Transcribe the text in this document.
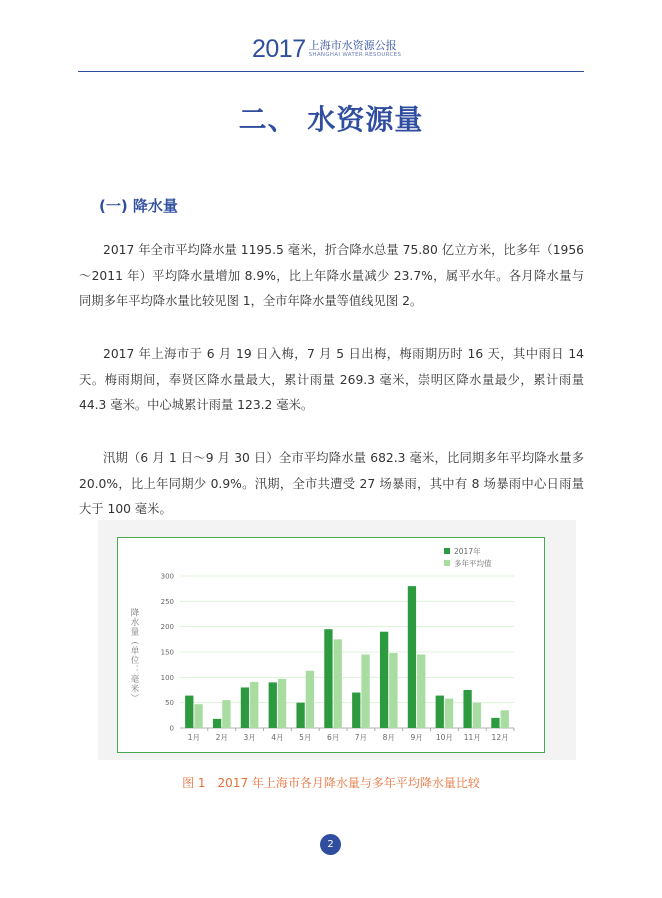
2017 上海市水资源公报
SHANGHAI WATER RESOURCES
二、 水资源量
(一) 降水量

2017 年全市平均降水量 1195.5 毫米，折合降水总量 75.80 亿立方米，比多年（1956～2011 年）平均降水量增加 8.9%，比上年降水量减少 23.7%，属平水年。各月降水量与同期多年平均降水量比较见图 1，全市年降水量等值线见图 2。

2017 年上海市于 6 月 19 日入梅，7 月 5 日出梅，梅雨期历时 16 天，其中雨日 14 天。梅雨期间，奉贤区降水量最大，累计雨量 269.3 毫米，崇明区降水量最少，累计雨量 44.3 毫米。中心城累计雨量 123.2 毫米。

汛期（6 月 1 日～9 月 30 日）全市平均降水量 682.3 毫米，比同期多年平均降水量多 20.0%，比上年同期少 0.9%。汛期，全市共遭受 27 场暴雨，其中有 8 场暴雨中心日雨量大于 100 毫米。

0
50
100
150
200
250
300
降水量（单位：毫米）
1月 2月 3月 4月 5月 6月 7月 8月 9月 10月 11月 12月
2017年
多年平均值
图 1　2017 年上海市各月降水量与多年平均降水量比较
2
